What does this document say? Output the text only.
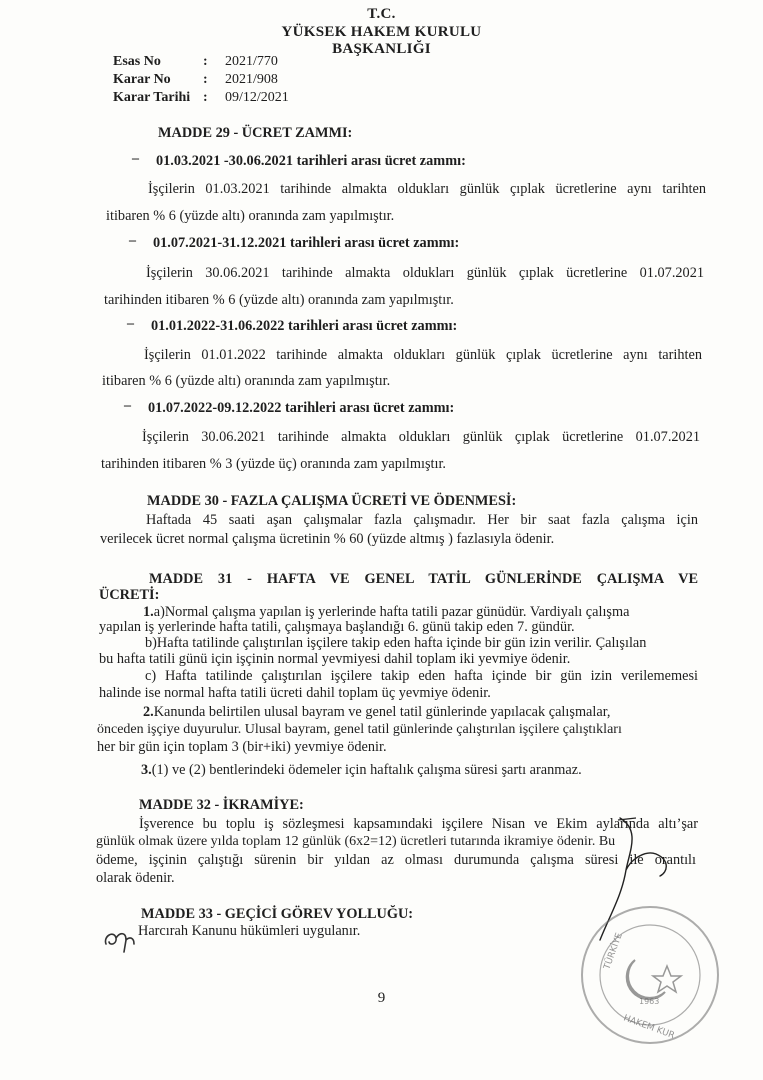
T.C.
YÜKSEK HAKEM KURULU
BAŞKANLIĞI
Esas No	: 2021/770
Karar No : 2021/908
Karar Tarihi : 09/12/2021
MADDE 29 - ÜCRET ZAMMI:
– 01.03.2021 -30.06.2021 tarihleri arası ücret zammı:
İşçilerin 01.03.2021 tarihinde almakta oldukları günlük çıplak ücretlerine aynı tarihten
itibaren % 6 (yüzde altı) oranında zam yapılmıştır.
– 01.07.2021-31.12.2021 tarihleri arası ücret zammı:
İşçilerin 30.06.2021 tarihinde almakta oldukları günlük çıplak ücretlerine 01.07.2021
tarihinden itibaren % 6 (yüzde altı) oranında zam yapılmıştır.
– 01.01.2022-31.06.2022 tarihleri arası ücret zammı:
İşçilerin 01.01.2022 tarihinde almakta oldukları günlük çıplak ücretlerine aynı tarihten
itibaren % 6 (yüzde altı) oranında zam yapılmıştır.
– 01.07.2022-09.12.2022 tarihleri arası ücret zammı:
İşçilerin 30.06.2021 tarihinde almakta oldukları günlük çıplak ücretlerine 01.07.2021
tarihinden itibaren % 3 (yüzde üç) oranında zam yapılmıştır.
MADDE 30 - FAZLA ÇALIŞMA ÜCRETİ VE ÖDENMESİ:
Haftada 45 saati aşan çalışmalar fazla çalışmadır. Her bir saat fazla çalışma için
verilecek ücret normal çalışma ücretinin % 60 (yüzde altmış ) fazlasıyla ödenir.
MADDE 31 - HAFTA VE GENEL TATİL GÜNLERİNDE ÇALIŞMA VE
ÜCRETİ:
1.a)Normal çalışma yapılan iş yerlerinde hafta tatili pazar günüdür. Vardiyalı çalışma
yapılan iş yerlerinde hafta tatili, çalışmaya başlandığı 6. günü takip eden 7. gündür.
b)Hafta tatilinde çalıştırılan işçilere takip eden hafta içinde bir gün izin verilir. Çalışılan
bu hafta tatili günü için işçinin normal yevmiyesi dahil toplam iki yevmiye ödenir.
c) Hafta tatilinde çalıştırılan işçilere takip eden hafta içinde bir gün izin verilememesi
halinde ise normal hafta tatili ücreti dahil toplam üç yevmiye ödenir.
2.Kanunda belirtilen ulusal bayram ve genel tatil günlerinde yapılacak çalışmalar,
önceden işçiye duyurulur. Ulusal bayram, genel tatil günlerinde çalıştırılan işçilere çalıştıkları
her bir gün için toplam 3 (bir+iki) yevmiye ödenir.
3.(1) ve (2) bentlerindeki ödemeler için haftalık çalışma süresi şartı aranmaz.
MADDE 32 - İKRAMİYE:
İşverence bu toplu iş sözleşmesi kapsamındaki işçilere Nisan ve Ekim aylarında altı’şar
günlük olmak üzere yılda toplam 12 günlük (6x2=12) ücretleri tutarında ikramiye ödenir. Bu
ödeme, işçinin çalıştığı sürenin bir yıldan az olması durumunda çalışma süresi ile orantılı
olarak ödenir.
MADDE 33 - GEÇİCİ GÖREV YOLLUĞU:
Harcırah Kanunu hükümleri uygulanır.
TÜRKİYE
HAKEM KUR
1963
9
